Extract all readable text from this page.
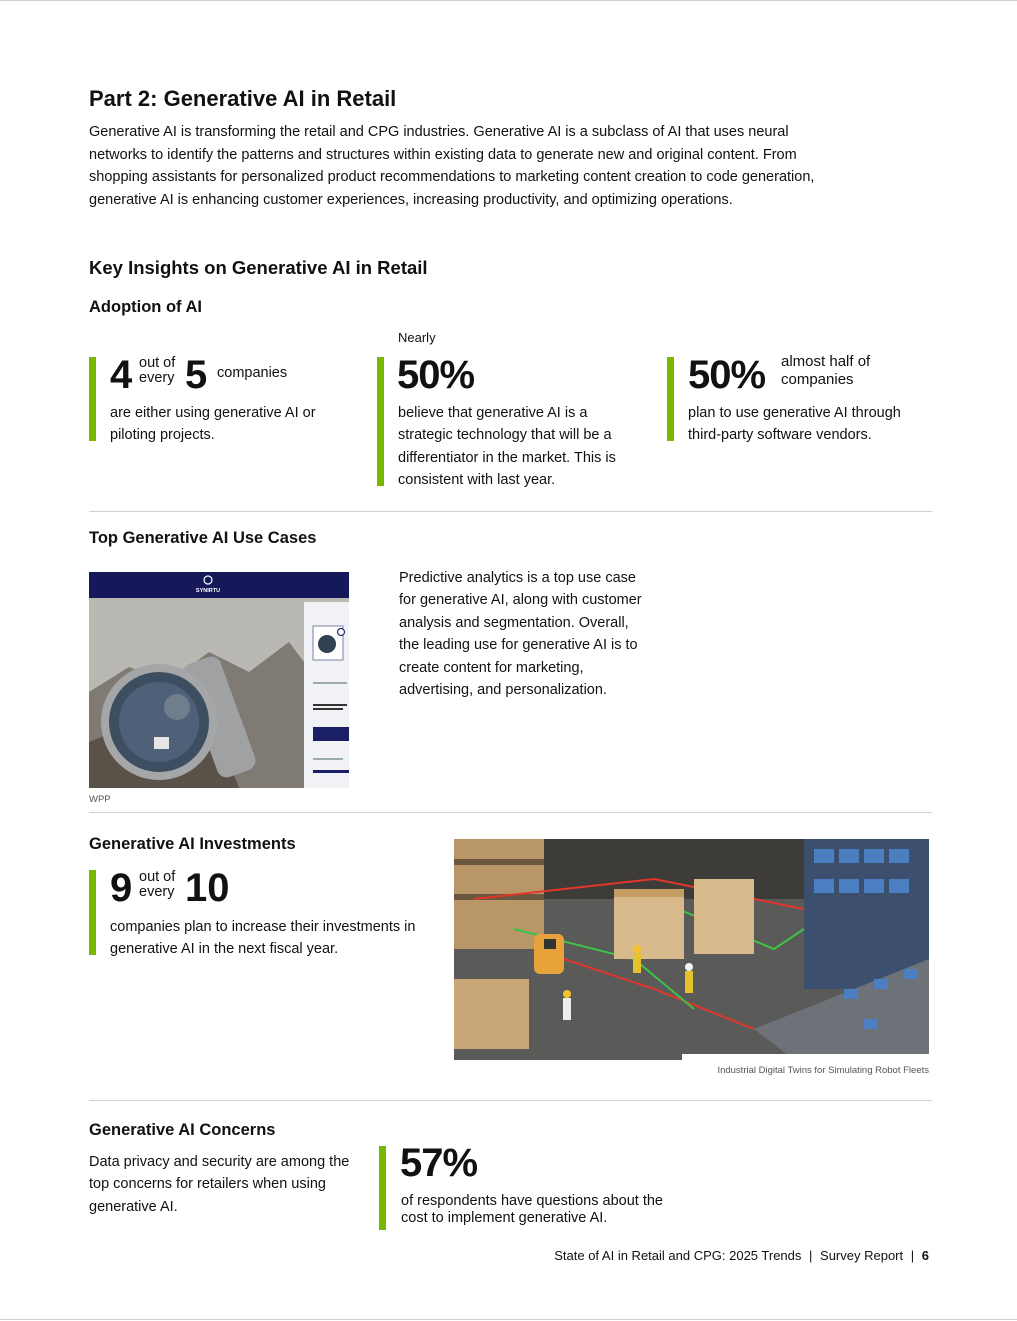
Part 2: Generative AI in Retail

Generative AI is transforming the retail and CPG industries. Generative AI is a subclass of AI that uses neural networks to identify the patterns and structures within existing data to generate new and original content. From shopping assistants for personalized product recommendations to marketing content creation to code generation, generative AI is enhancing customer experiences, increasing productivity, and optimizing operations.

Key Insights on Generative AI in Retail
Adoption of AI
4 out of
every 5 companies
are either using generative AI or piloting projects.
Nearly
50%
believe that generative AI is a strategic technology that will be a differentiator in the market. This is consistent with last year.
50% almost half of
companies
plan to use generative AI through third-party software vendors.
Top Generative AI Use Cases
SYNIRTU
WPP
Predictive analytics is a top use case for generative AI, along with customer analysis and segmentation. Overall, the leading use for generative AI is to create content for marketing, advertising, and personalization.
Generative AI Investments
9 out of
every 10
companies plan to increase their investments in generative AI in the next fiscal year.
Industrial Digital Twins for Simulating Robot Fleets
Generative AI Concerns
Data privacy and security are among the top concerns for retailers when using generative AI.
57%
of respondents have questions about the cost to implement generative AI.
State of AI in Retail and CPG: 2025 Trends | Survey Report | 6
